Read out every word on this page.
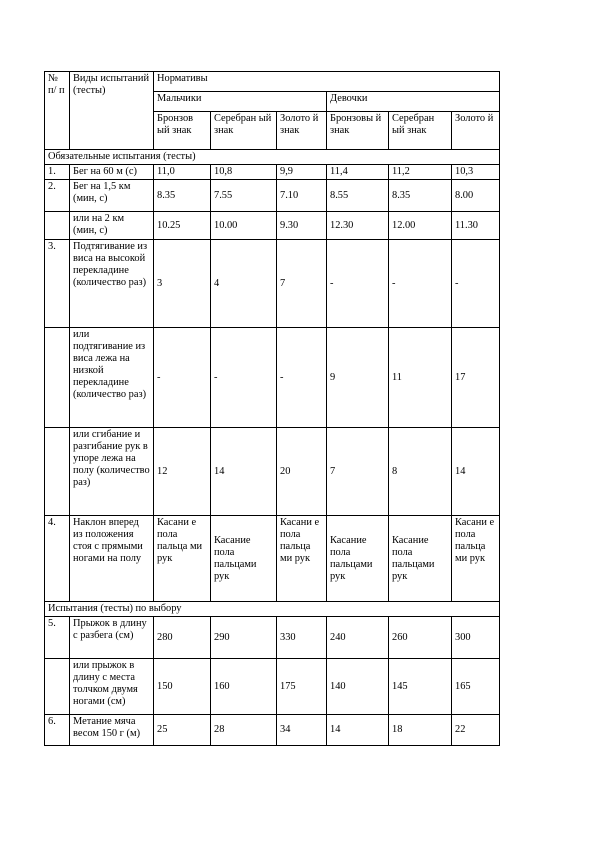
№ п/ п	Виды испытаний (тесты)	Нормативы					
		Мальчики			Девочки		
		Бронзов ый знак	Серебран ый знак	Золото й знак	Бронзовы й знак	Серебран ый знак	Золото й
Обязательные испытания (тесты)							
1.	Бег на 60 м (с)	11,0	10,8	9,9	11,4	11,2	10,3
2.	Бег на 1,5 км (мин, с)	8.35	7.55	7.10	8.55	8.35	8.00
	или на 2 км (мин, с)	10.25	10.00	9.30	12.30	12.00	11.30
3.	Подтягивание из виса на высокой перекладине (количество раз)	3	4	7	-	-	-
	или подтягивание из виса лежа на низкой перекладине (количество раз)	-	-	-	9	11	17
	или сгибание и разгибание рук в упоре лежа на полу (количество раз)	12	14	20	7	8	14
4.	Наклон вперед из положения стоя с прямыми ногами на полу	Касани е пола пальца ми рук	Касание пола пальцами рук	Касани е пола пальца ми рук	Касание пола пальцами рук	Касание пола пальцами рук	Касани е пола пальца ми рук
Испытания (тесты) по выбору							
5.	Прыжок в длину с разбега (см)	280	290	330	240	260	300
	или прыжок в длину с места толчком двумя ногами (см)	150	160	175	140	145	165
6.	Метание мяча весом 150 г (м)	25	28	34	14	18	22
